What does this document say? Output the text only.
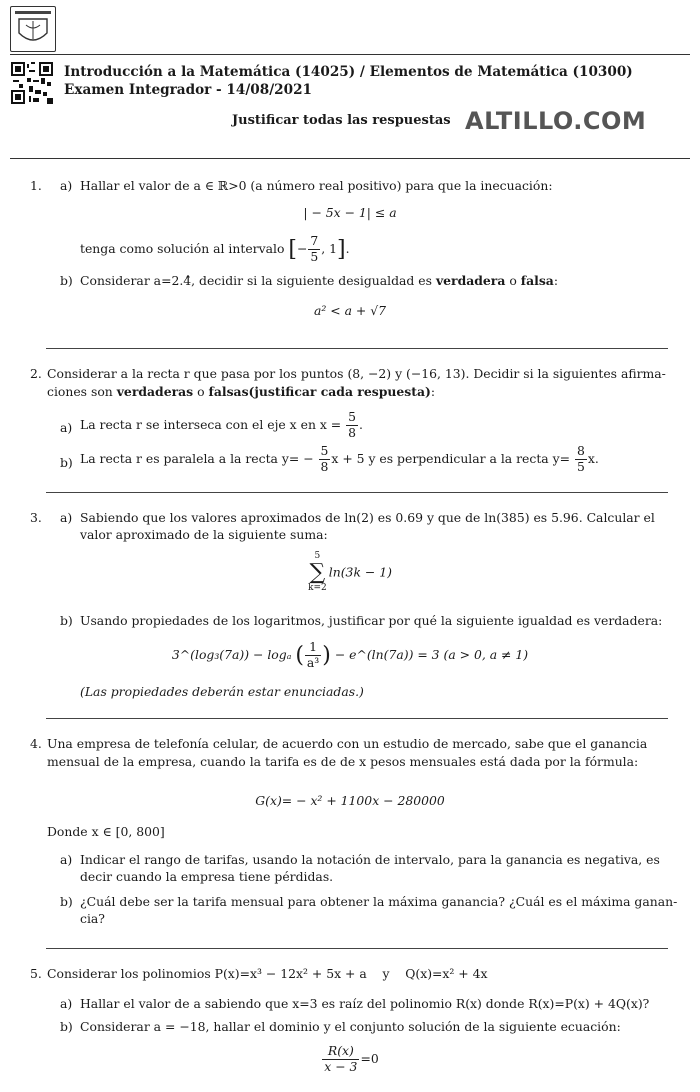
Introducción a la Matemática (14025) / Elementos de Matemática (10300)
Examen Integrador - 14/08/2021
Justificar todas las respuestas ALTILLO.COM
1. a) Hallar el valor de a ∈ ℝ>0 (a número real positivo) para que la inecuación:
| − 5x − 1| ≤ a
tenga como solución al intervalo [− $\frac{7}{5}$ , 1].
b) Considerar a=2.4̂, decidir si la siguiente desigualdad es verdadera o falsa:
a² < a + √7
2. Considerar a la recta r que pasa por los puntos (8, −2) y (−16, 13). Decidir si la siguientes afirma-
ciones son verdaderas o falsas(justificar cada respuesta):
a) La recta r se interseca con el eje x en $x = \frac{5}{8}$ .
b) La recta r es paralela a la recta $y= - \frac{5}{8}$ x + 5 y es perpendicular a la recta $y= \frac{8}{5} x$.
3. a) Sabiendo que los valores aproximados de ln(2) es 0.69 y que de ln(385) es 5.96. Calcular el
valor aproximado de la siguiente suma:
5
∑
k=2
ln(3k − 1)
b) Usando propiedades de los logaritmos, justificar por qué la siguiente igualdad es verdadera:
3^(log₃(7a)) − logₐ ( $\frac{1}{\text{a³}}$ ) − e^(ln(7a)) = 3 (a > 0, a ≠ 1)
(Las propiedades deberán estar enunciadas.)
4. Una empresa de telefonía celular, de acuerdo con un estudio de mercado, sabe que el ganancia
mensual de la empresa, cuando la tarifa es de de x pesos mensuales está dada por la fórmula:
G(x)= − x² + 1100x − 280000
Donde x ∈ [0, 800]
a) Indicar el rango de tarifas, usando la notación de intervalo, para la ganancia es negativa, es
decir cuando la empresa tiene pérdidas.
b) ¿Cuál debe ser la tarifa mensual para obtener la máxima ganancia? ¿Cuál es el máxima ganan-
cia?
5. Considerar los polinomios P(x)=x³ − 12x² + 5x + a    y    Q(x)=x² + 4x
a) Hallar el valor de a sabiendo que x=3 es raíz del polinomio R(x) donde R(x)=P(x) + 4Q(x)?
b) Considerar a = −18, hallar el dominio y el conjunto solución de la siguiente ecuación:
$\frac{R(x)}{x - 3} =0$
